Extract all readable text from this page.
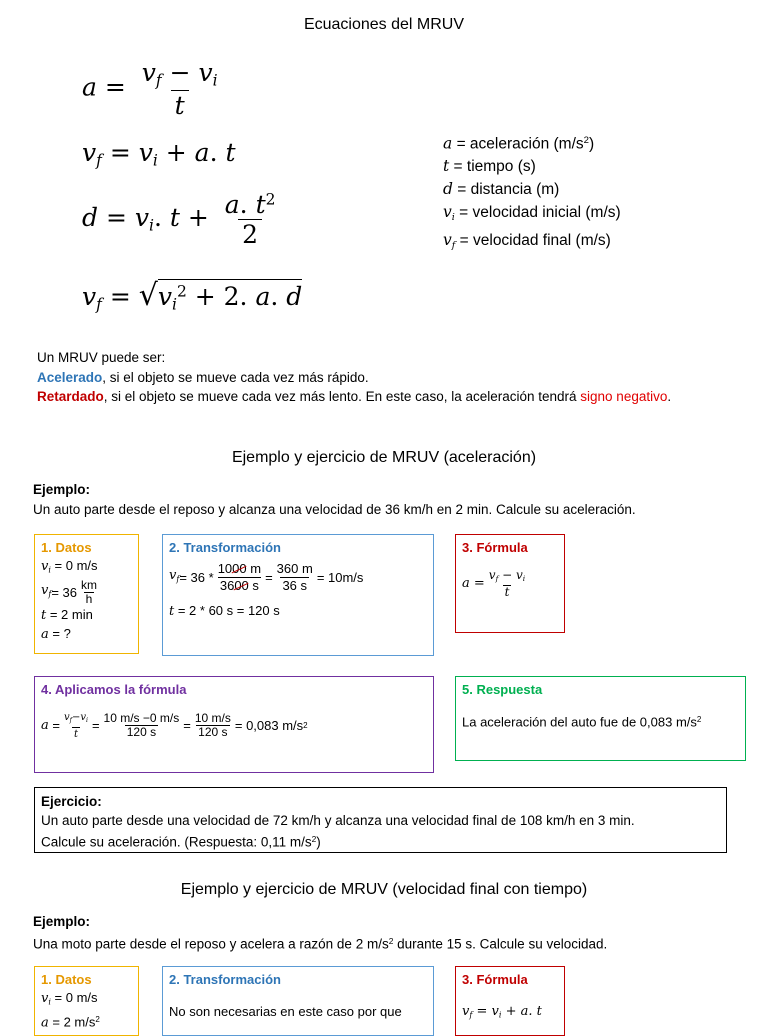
Ecuaciones del MRUV
$a = \frac{v_f - v_i}{t}$
$v_f = v_i + a$. t
$d = v_i$. $t + \frac{a. t^2}{2}$
$v_f = √v_i^2 + 2$. a. d
a = aceleración $(m/s^2)$
t = tiempo (s)
d = distancia (m)
$v_i$ = velocidad inicial (m/s)
$v_f$ = velocidad final (m/s)
Un MRUV puede ser:
Acelerado, si el objeto se mueve cada vez más rápido.
Retardado, si el objeto se mueve cada vez más lento. En este caso, la aceleración tendrá signo negativo.
Ejemplo y ejercicio de MRUV (aceleración)
Ejemplo:
Un auto parte desde el reposo y alcanza una velocidad de 36 km/h en 2 min. Calcule su aceleración.
1. Datos
$v_i = 0$ m/s
$v_f = 36 \frac{km}{h}$
t = 2 min
a = ?
2. Transformación
$v_f = 36 * \frac{1000 m}{3600 s} = \frac{360 m}{36 s} = 10m/s$
t = 2 * 60 s = 120 s
3. Fórmula
$a = \frac{v_f - v_i}{t}$
4. Aplicamos la fórmula
$a = \frac{v_f-v_i}{t} = \frac{10 m/s -0 m/s}{120 s} = \frac{10 m/s}{120 s} = 0,083$ m/s 2
5. Respuesta
La aceleración del auto fue de 0,083 $m/s^2$
Ejercicio:
Un auto parte desde una velocidad de 72 km/h y alcanza una velocidad final de 108 km/h en 3 min.
Calcule su aceleración. (Respuesta: 0,11 $m/s^2$)
Ejemplo y ejercicio de MRUV (velocidad final con tiempo)
Ejemplo:
Una moto parte desde el reposo y acelera a razón de 2 $m/s^2$ durante 15 s. Calcule su velocidad.
1. Datos
$v_i = 0$ m/s
a = 2 $m/s^2$
2. Transformación
No son necesarias en este caso por que
3. Fórmula
$v_f = v_i + a$. t
